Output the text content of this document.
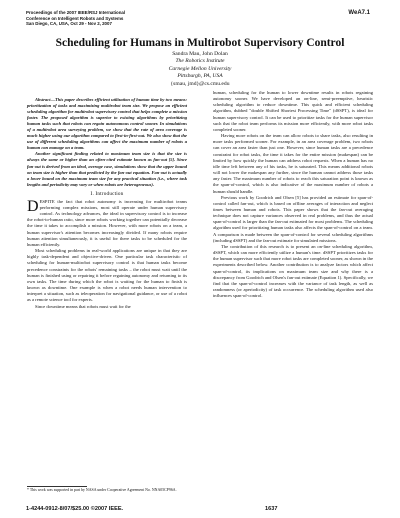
Proceedings of the 2007 IEEE/RSJ International
Conference on Intelligent Robots and Systems
San Diego, CA, USA, Oct 29 - Nov 2, 2007
WeA7.1
Scheduling for Humans in Multirobot Supervisory Control
Sandra Mau, John Dolan
The Robotics Institute
Carnegie Mellon University
Pittsburgh, PA, USA
{smau, jmd}@cs.cmu.edu

Abstract—This paper describes efficient utilization of human time by two means: prioritization of tasks and maximizing multirobot team size. We propose an efficient scheduling algorithm for multirobot supervisory control that helps complete a mission faster. The proposed algorithm is superior to existing algorithms by prioritizing human tasks such that robots can regain autonomous control sooner. In simulations of a multirobot area surveying problem, we show that the rate of area coverage is much higher using our algorithm compared to first-in-first-out. We also show that the use of different scheduling algorithms can affect the maximum number of robots a human can manage on a team.

Another significant finding related to maximum team size is that the size is always the same or higher than an often-cited estimate known as fan-out [5]. Since fan-out is derived from an ideal, average case, simulations show that the upper bound on team size is higher than that predicted by the fan-out equation. Fan-out is actually a lower bound on the maximum team size for any practical situation (i.e., where task lengths and periodicity may vary or when robots are heterogeneous).

I. Introduction

DESPITE the fact that robot autonomy is increasing for multirobot teams performing complex missions, most still operate under human supervisory control. As technology advances, the ideal in supervisory control is to increase the robot-to-human ratio, since more robots working together can potentially decrease the time it takes to accomplish a mission. However, with more robots on a team, a human supervisor's attention becomes increasingly divided. If many robots require human attention simultaneously, it is useful for there tasks to be scheduled for the human efficiently.

Most scheduling problems in real-world applications are unique in that they are highly task-dependent and objective-driven. One particular task characteristic of scheduling for human-multirobot supervisory control is that human tasks become precedence constraints for the robots' remaining tasks – the robot must wait until the human is finished using or repairing it before regaining autonomy and returning to its own tasks. The time during which the robot is waiting for the human to finish is known as downtime. One example is when a robot needs human intervention to interpret a situation, such as teleoperation for navigational guidance, or use of a robot as a remote science tool for experts.

Since downtime means that robots must wait for the

* This work was supported in part by NASA under Cooperative Agreement No. NNA05CP96A.

human, scheduling for the human to lower downtime results in robots regaining autonomy sooner. We have developed an on-line, semi-preemptive, heuristic scheduling algorithm to reduce downtime. This quick and efficient scheduling algorithm, dubbed "double Shifted Shortest Processing Time" (dSSPT), is ideal for human supervisory control. It can be used to prioritize tasks for the human supervisor such that the robot team performs its mission more efficiently, with more robot tasks completed sooner.

Having more robots on the team can allow robots to share tasks, also resulting in more tasks performed sooner. For example, in an area coverage problem, two robots can cover an area faster than just one. However, since human tasks are a precedence constraint for robot tasks, the time it takes for the entire mission (makespan) can be limited by how quickly the human can address robot requests. When a human has no idle time left between any of his tasks, he is saturated. This means additional robots will not lower the makespan any further, since the human cannot address those tasks any faster. The maximum number of robots to reach this saturation point is known as the span-of-control, which is also indicative of the maximum number of robots a human should handle.

Previous work by Goodrich and Olsen [5] has provided an estimate for span-of-control called fan-out, which is based on offline averages of interaction and neglect times between human and robots. This paper shows that the fan-out averaging technique does not capture variances observed in real problems, and thus the actual span-of-control is larger than the fan-out estimated for most problems. The scheduling algorithm used for prioritizing human tasks also affects the span-of-control on a team. A comparison is made between the span-of-control for several scheduling algorithms (including dSSPT) and the fan-out estimate for simulated missions.

The contribution of this research is to present an on-line scheduling algorithm, dSSPT, which can more efficiently utilize a human's time. dSSPT prioritizes tasks for the human supervisor such that more robot tasks are completed sooner, as shown in the experiments described below. Another contribution is to analyze factors which affect span-of-control, its implications on maximum team size and why there is a discrepancy from Goodrich and Olsen's fan-out estimate (Equation 1). Specifically, we find that the span-of-control increases with the variance of task length, as well as randomness (or aperiodicity) of task occurrence. The scheduling algorithm used also influences span-of-control.

1-4244-0912-8/07/$25.00 ©2007 IEEE.	1637
